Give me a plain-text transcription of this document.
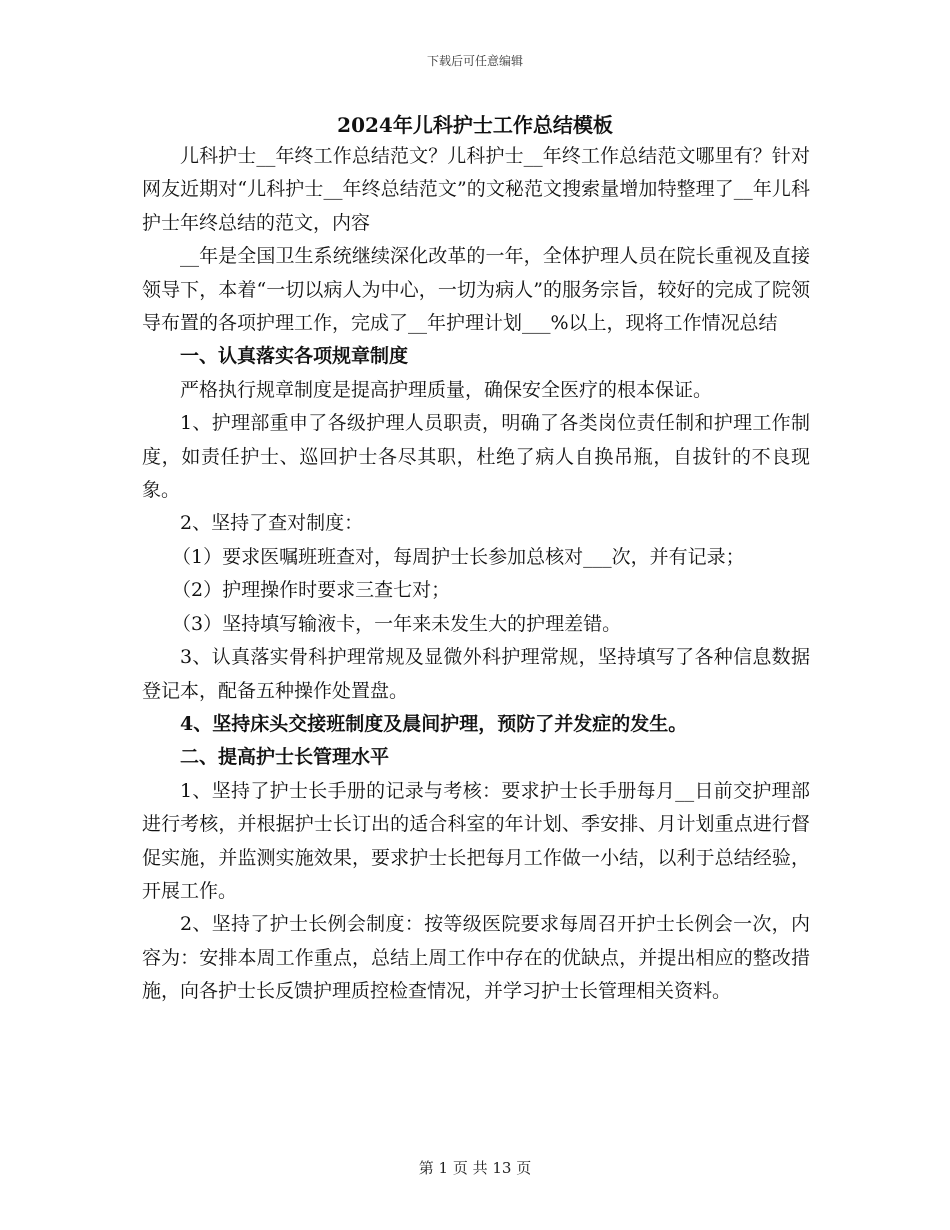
下载后可任意编辑
2024年儿科护士工作总结模板

儿科护士__年终工作总结范文？儿科护士__年终工作总结范文哪里有？针对网友近期对“儿科护士__年终总结范文”的文秘范文搜索量增加特整理了__年儿科护士年终总结的范文，内容

__年是全国卫生系统继续深化改革的一年，全体护理人员在院长重视及直接领导下，本着“一切以病人为中心，一切为病人”的服务宗旨，较好的完成了院领导布置的各项护理工作，完成了__年护理计划___%以上，现将工作情况总结

一、认真落实各项规章制度

严格执行规章制度是提高护理质量，确保安全医疗的根本保证。

1、护理部重申了各级护理人员职责，明确了各类岗位责任制和护理工作制度，如责任护士、巡回护士各尽其职，杜绝了病人自换吊瓶，自拔针的不良现象。

2、坚持了查对制度：

（1）要求医嘱班班查对，每周护士长参加总核对___次，并有记录；

（2）护理操作时要求三查七对；

（3）坚持填写输液卡，一年来未发生大的护理差错。

3、认真落实骨科护理常规及显微外科护理常规，坚持填写了各种信息数据登记本，配备五种操作处置盘。

4、坚持床头交接班制度及晨间护理，预防了并发症的发生。

二、提高护士长管理水平

1、坚持了护士长手册的记录与考核：要求护士长手册每月__日前交护理部进行考核，并根据护士长订出的适合科室的年计划、季安排、月计划重点进行督促实施，并监测实施效果，要求护士长把每月工作做一小结，以利于总结经验，开展工作。

2、坚持了护士长例会制度：按等级医院要求每周召开护士长例会一次，内容为：安排本周工作重点，总结上周工作中存在的优缺点，并提出相应的整改措施，向各护士长反馈护理质控检查情况，并学习护士长管理相关资料。

第 1 页 共 13 页
